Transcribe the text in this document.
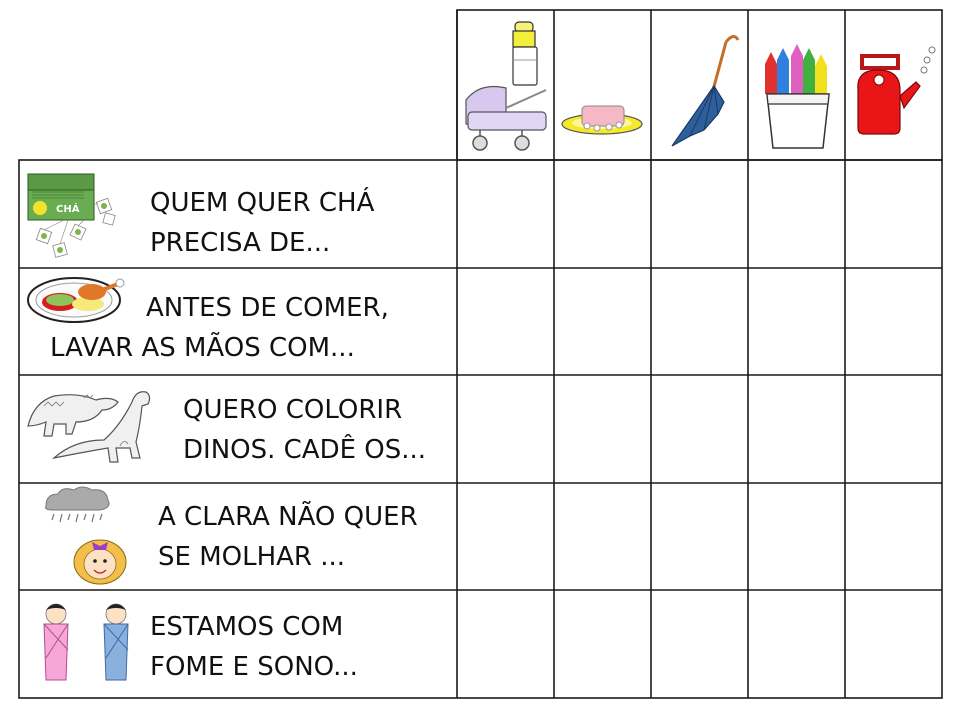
CHÁ	QUEM QUER CHÁ
PRECISA DE...
ANTES DE COMER,
LAVAR AS MÃOS COM...
QUERO COLORIR
DINOS. CADÊ OS...
A CLARA NÃO QUER
SE MOLHAR ...
ESTAMOS COM
FOME E SONO...
